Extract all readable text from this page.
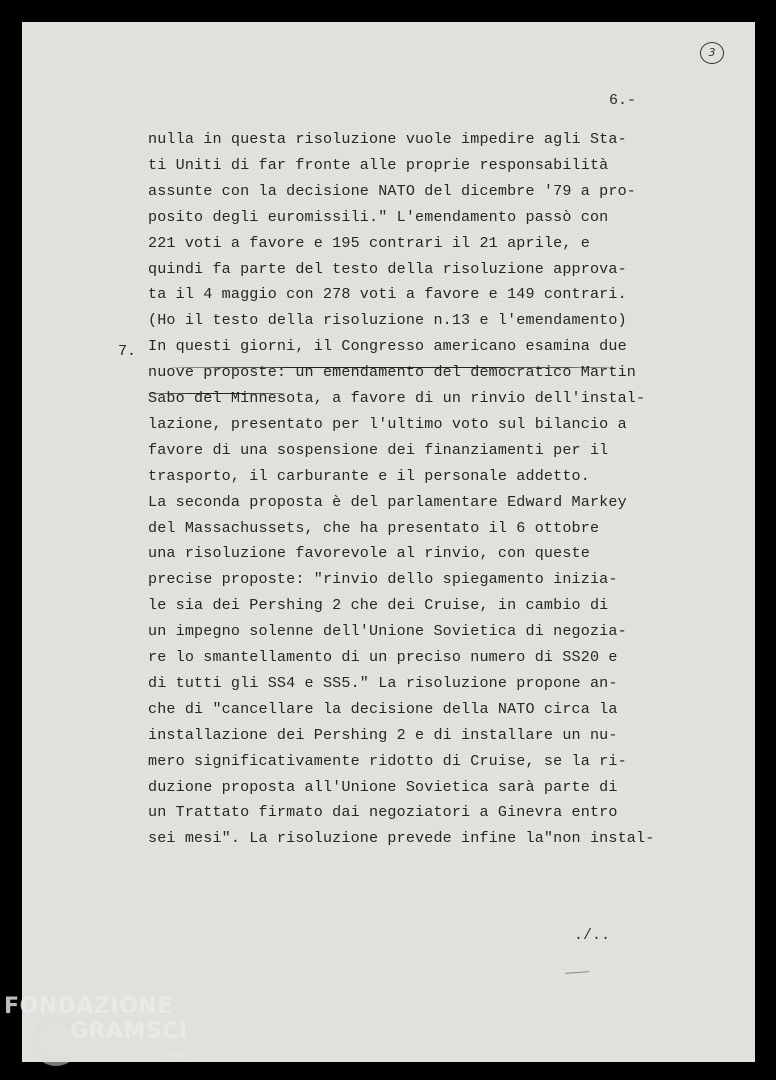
3
6.-
nulla in questa risoluzione vuole impedire agli Sta-
ti Uniti di far fronte alle proprie responsabilità
assunte con la decisione NATO del dicembre '79 a pro-
posito degli euromissili." L'emendamento passò con
221 voti a favore e 195 contrari il 21 aprile, e
quindi fa parte del testo della risoluzione approva-
ta il 4 maggio con 278 voti a favore e 149 contrari.
(Ho il testo della risoluzione n.13 e l'emendamento)
In questi giorni, il Congresso americano esamina due
nuove proposte: un emendamento del democratico Martin
Sabo del Minnesota, a favore di un rinvio dell'instal-
lazione, presentato per l'ultimo voto sul bilancio a
favore di una sospensione dei finanziamenti per il
trasporto, il carburante e il personale addetto.
La seconda proposta è del parlamentare Edward Markey
del Massachussets, che ha presentato il 6 ottobre
una risoluzione favorevole al rinvio, con queste
precise proposte: "rinvio dello spiegamento inizia-
le sia dei Pershing 2 che dei Cruise, in cambio di
un impegno solenne dell'Unione Sovietica di negozia-
re lo smantellamento di un preciso numero di SS20 e
di tutti gli SS4 e SS5." La risoluzione propone an-
che di "cancellare la decisione della NATO circa la
installazione dei Pershing 2 e di installare un nu-
mero significativamente ridotto di Cruise, se la ri-
duzione proposta all'Unione Sovietica sarà parte di
un Trattato firmato dai negoziatori a Ginevra entro
sei mesi". La risoluzione prevede infine la"non instal-
7.
./..
FONDAZIONE
GRAMSCI
onlus
